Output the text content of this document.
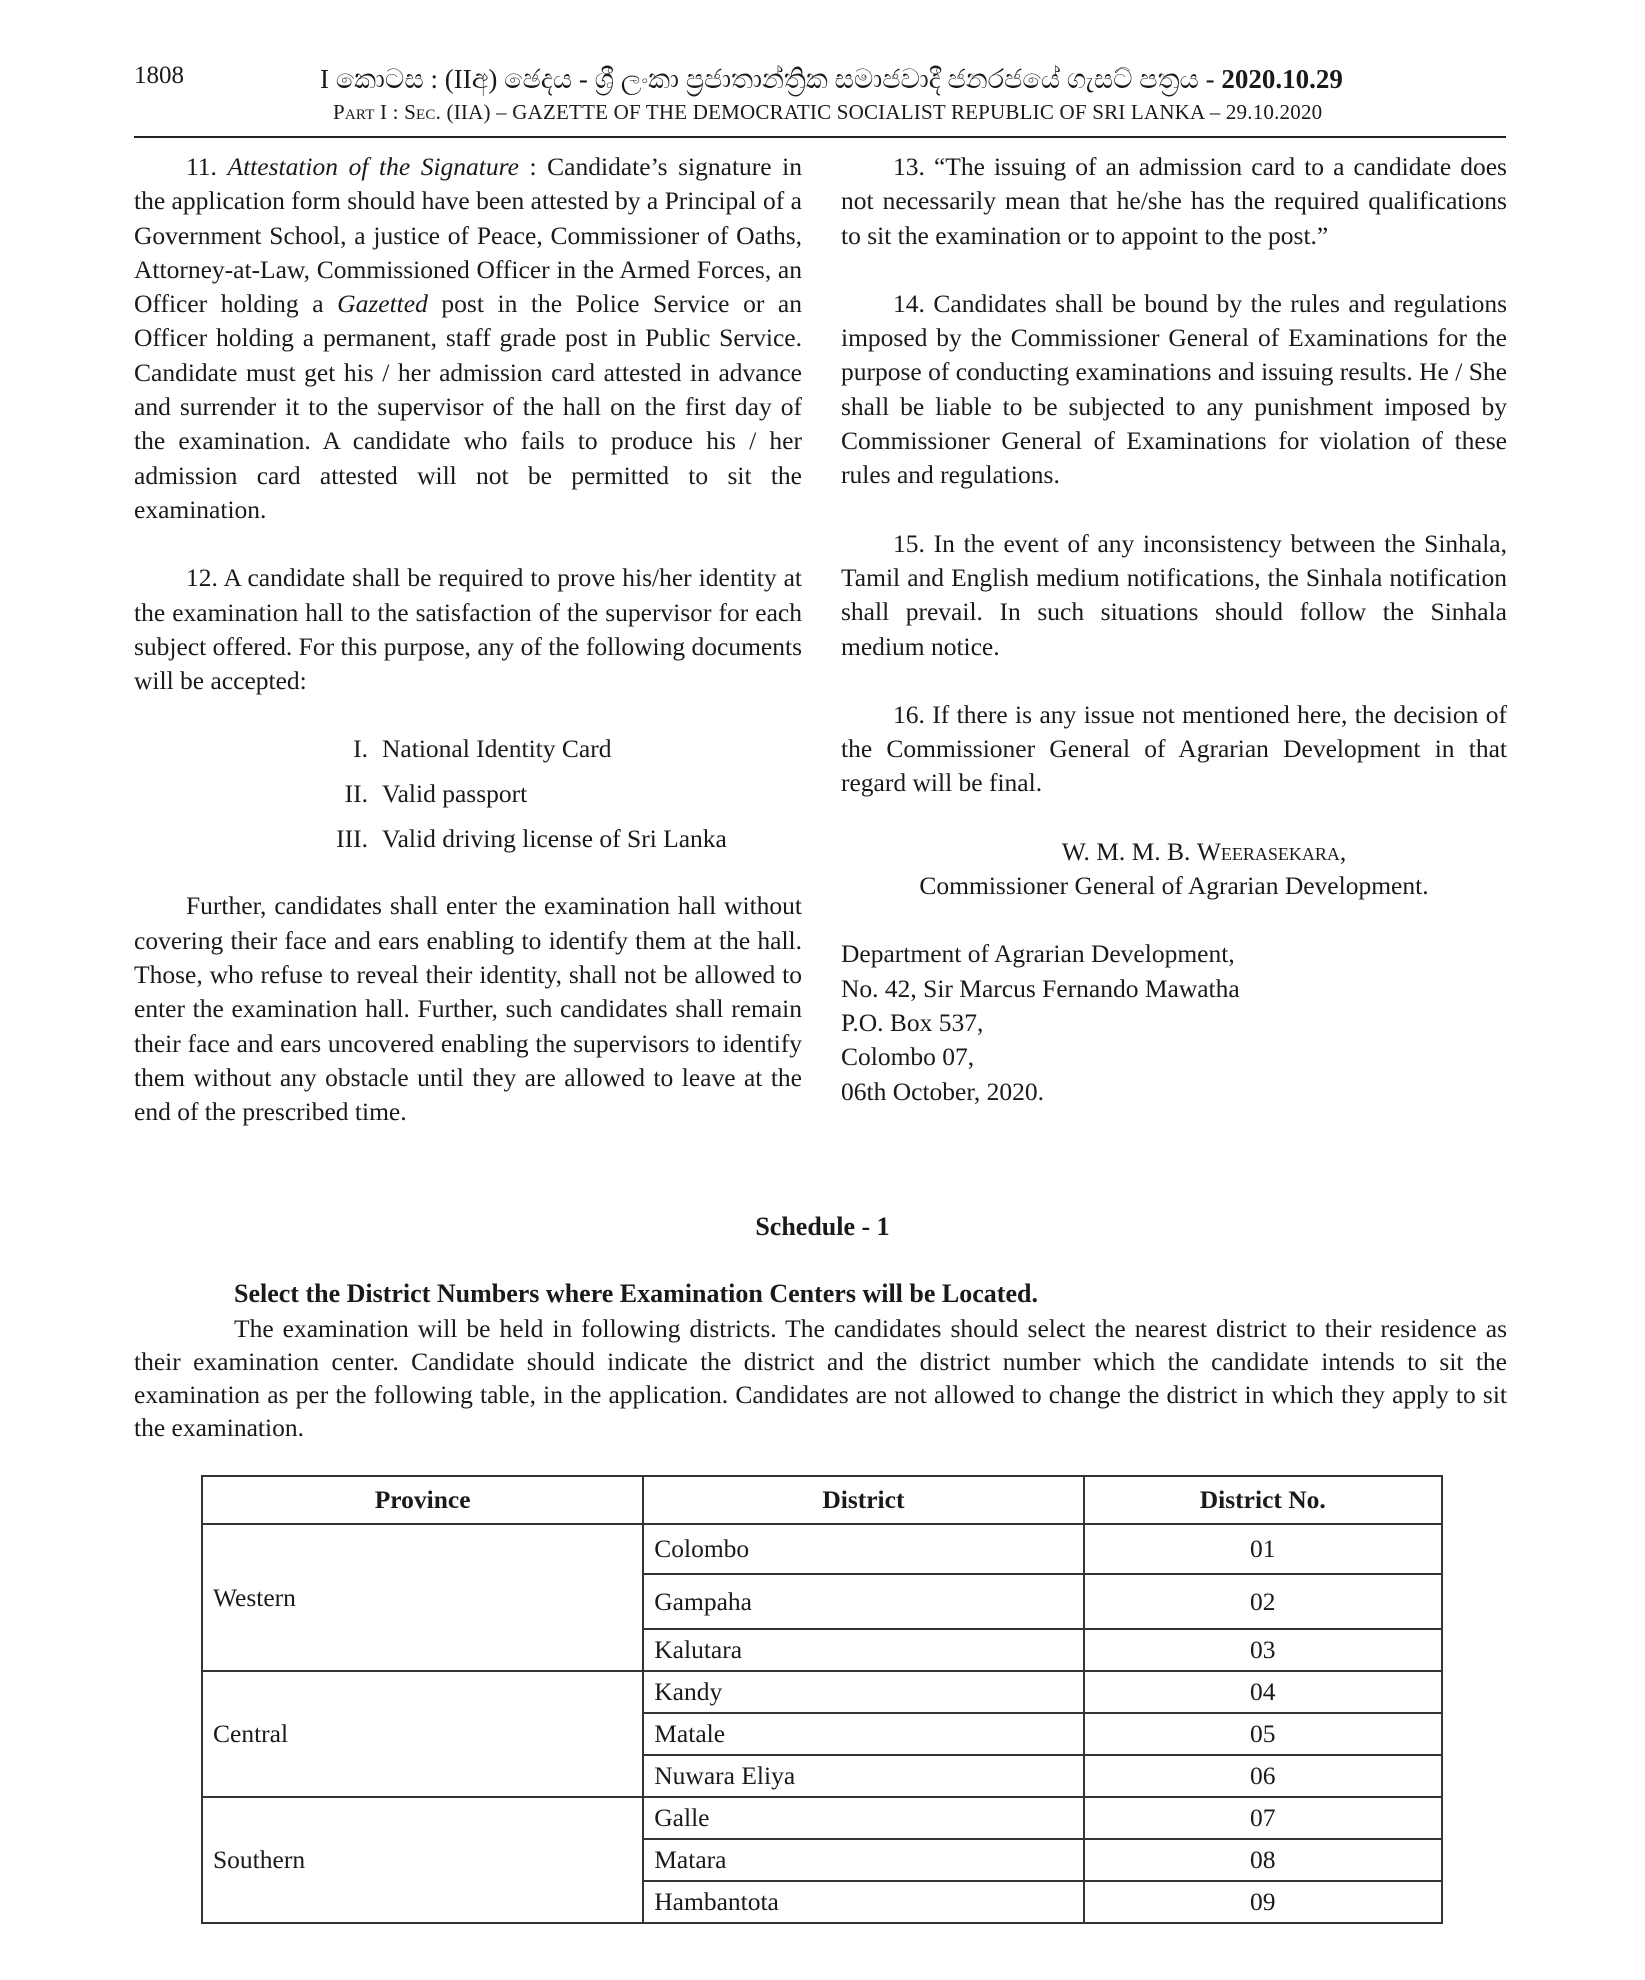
1808	I කොටස : (IIඅ) ඡෙදය - ශ්‍රී ලංකා ප්‍රජාතාන්ත්‍රික සමාජවාදී ජනරජයේ ගැසට් පත්‍රය - 2020.10.29
Part I : Sec. (IIA) – GAZETTE OF THE DEMOCRATIC SOCIALIST REPUBLIC OF SRI LANKA – 29.10.2020

11. Attestation of the Signature : Candidate’s signature in the application form should have been attested by a Principal of a Government School, a justice of Peace, Commissioner of Oaths, Attorney-at-Law, Commissioned Officer in the Armed Forces, an Officer holding a Gazetted post in the Police Service or an Officer holding a permanent, staff grade post in Public Service. Candidate must get his / her admission card attested in advance and surrender it to the supervisor of the hall on the first day of the examination. A candidate who fails to produce his / her admission card attested will not be permitted to sit the examination.

12. A candidate shall be required to prove his/her identity at the examination hall to the satisfaction of the supervisor for each subject offered. For this purpose, any of the following documents will be accepted:

I. National Identity Card
II. Valid passport
III. Valid driving license of Sri Lanka

Further, candidates shall enter the examination hall without covering their face and ears enabling to identify them at the hall. Those, who refuse to reveal their identity, shall not be allowed to enter the examination hall. Further, such candidates shall remain their face and ears uncovered enabling the supervisors to identify them without any obstacle until they are allowed to leave at the end of the prescribed time.

13. “The issuing of an admission card to a candidate does not necessarily mean that he/she has the required qualifications to sit the examination or to appoint to the post.”

14. Candidates shall be bound by the rules and regulations imposed by the Commissioner General of Examinations for the purpose of conducting examinations and issuing results. He / She shall be liable to be subjected to any punishment imposed by Commissioner General of Examinations for violation of these rules and regulations.

15. In the event of any inconsistency between the Sinhala, Tamil and English medium notifications, the Sinhala notification shall prevail. In such situations should follow the Sinhala medium notice.

16. If there is any issue not mentioned here, the decision of the Commissioner General of Agrarian Development in that regard will be final.

W. M. M. B. Weerasekara,
Commissioner General of Agrarian Development.
Department of Agrarian Development,
No. 42, Sir Marcus Fernando Mawatha
P.O. Box 537,
Colombo 07,
06th October, 2020.
Schedule - 1
Select the District Numbers where Examination Centers will be Located.

The examination will be held in following districts. The candidates should select the nearest district to their residence as their examination center. Candidate should indicate the district and the district number which the candidate intends to sit the examination as per the following table, in the application. Candidates are not allowed to change the district in which they apply to sit the examination.

Province	District	District No.
Western	Colombo	01
	Gampaha	02
	Kalutara	03
Central	Kandy	04
	Matale	05
	Nuwara Eliya	06
Southern	Galle	07
	Matara	08
	Hambantota	09
